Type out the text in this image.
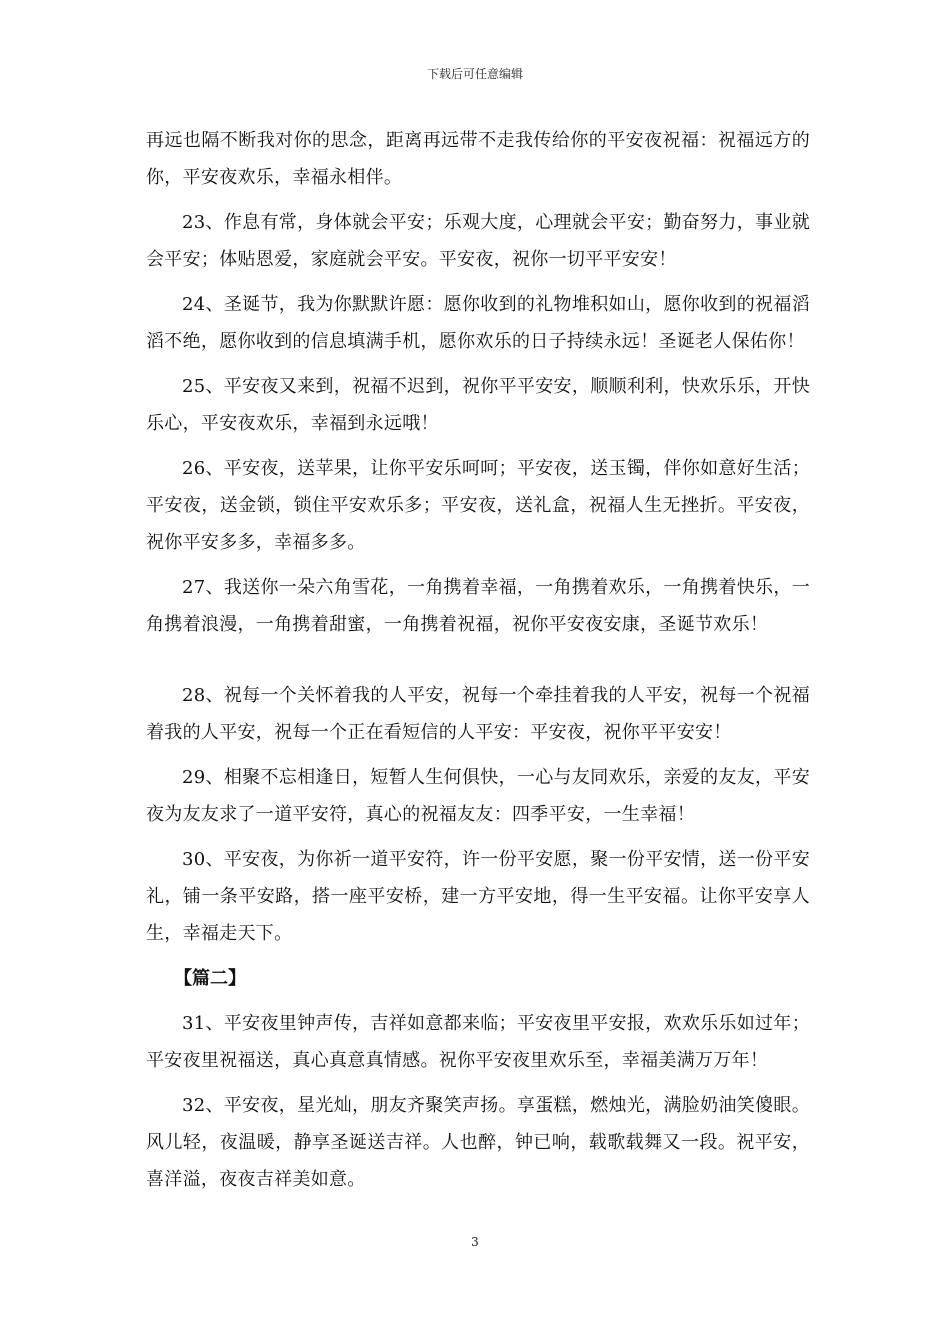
下载后可任意编辑

再远也隔不断我对你的思念，距离再远带不走我传给你的平安夜祝福：祝福远方的你，平安夜欢乐，幸福永相伴。

23、作息有常，身体就会平安；乐观大度，心理就会平安；勤奋努力，事业就会平安；体贴恩爱，家庭就会平安。平安夜，祝你一切平平安安！

24、圣诞节，我为你默默许愿：愿你收到的礼物堆积如山，愿你收到的祝福滔滔不绝，愿你收到的信息填满手机，愿你欢乐的日子持续永远！圣诞老人保佑你！

25、平安夜又来到，祝福不迟到，祝你平平安安，顺顺利利，快欢乐乐，开快乐心，平安夜欢乐，幸福到永远哦！

26、平安夜，送苹果，让你平安乐呵呵；平安夜，送玉镯，伴你如意好生活；平安夜，送金锁，锁住平安欢乐多；平安夜，送礼盒，祝福人生无挫折。平安夜，祝你平安多多，幸福多多。

27、我送你一朵六角雪花，一角携着幸福，一角携着欢乐，一角携着快乐，一角携着浪漫，一角携着甜蜜，一角携着祝福，祝你平安夜安康，圣诞节欢乐！

28、祝每一个关怀着我的人平安，祝每一个牵挂着我的人平安，祝每一个祝福着我的人平安，祝每一个正在看短信的人平安：平安夜，祝你平平安安！

29、相聚不忘相逢日，短暂人生何俱快，一心与友同欢乐，亲爱的友友，平安夜为友友求了一道平安符，真心的祝福友友：四季平安，一生幸福！

30、平安夜，为你祈一道平安符，许一份平安愿，聚一份平安情，送一份平安礼，铺一条平安路，搭一座平安桥，建一方平安地，得一生平安福。让你平安享人生，幸福走天下。

【篇二】

31、平安夜里钟声传，吉祥如意都来临；平安夜里平安报，欢欢乐乐如过年；平安夜里祝福送，真心真意真情感。祝你平安夜里欢乐至，幸福美满万万年！

32、平安夜，星光灿，朋友齐聚笑声扬。享蛋糕，燃烛光，满脸奶油笑傻眼。风儿轻，夜温暖，静享圣诞送吉祥。人也醉，钟已响，载歌载舞又一段。祝平安，喜洋溢，夜夜吉祥美如意。

3
